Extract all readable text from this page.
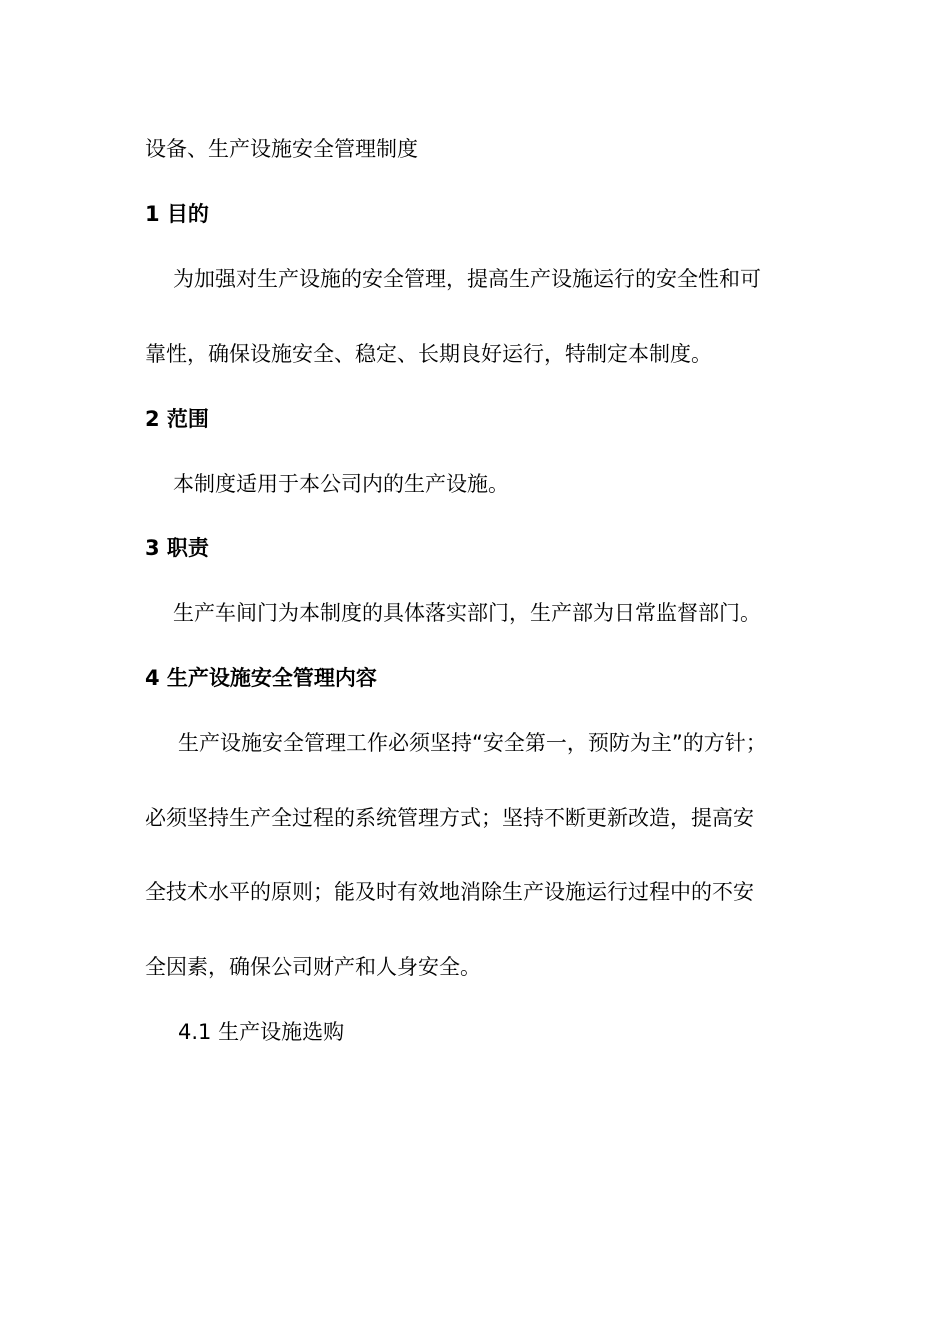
设备、生产设施安全管理制度
1 目的
为加强对生产设施的安全管理，提高生产设施运行的安全性和可
靠性，确保设施安全、稳定、长期良好运行，特制定本制度。
2 范围
本制度适用于本公司内的生产设施。
3 职责
生产车间门为本制度的具体落实部门，生产部为日常监督部门。
4 生产设施安全管理内容
生产设施安全管理工作必须坚持“安全第一，预防为主”的方针；
必须坚持生产全过程的系统管理方式；坚持不断更新改造，提高安
全技术水平的原则；能及时有效地消除生产设施运行过程中的不安
全因素，确保公司财产和人身安全。
4.1 生产设施选购
